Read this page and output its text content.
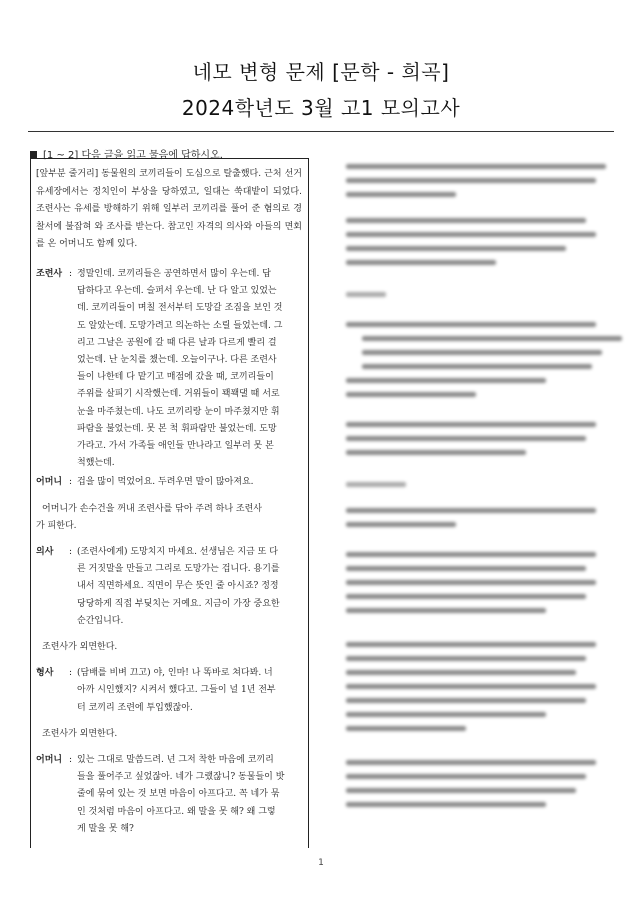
네모 변형 문제 [문학 - 희곡]
2024학년도 3월 고1 모의고사
[1 ~ 2] 다음 글을 읽고 물음에 답하시오.
[앞부분 줄거리] 동물원의 코끼리들이 도심으로 탈출했다. 근처 선거 유세장에서는 정치인이 부상을 당하였고, 일대는 쑥대밭이 되었다. 조련사는 유세를 방해하기 위해 일부러 코끼리를 풀어 준 혐의로 경찰서에 불잡혀 와 조사를 받는다. 참고인 자격의 의사와 아들의 면회를 온 어머니도 함께 있다.
조련사 : 정말인데. 코끼리들은 공연하면서 많이 우는데. 답
답하다고 우는데. 슬퍼서 우는데. 난 다 알고 있었는
데. 코끼리들이 며칠 전서부터 도망갈 조짐을 보인 것
도 알았는데. 도망가려고 의논하는 소릴 들었는데. 그
리고 그날은 공원에 갈 때 다른 날과 다르게 빨리 걸
었는데. 난 눈치를 챘는데. 오늘이구나. 다른 조련사
들이 나한테 다 맡기고 매점에 갔을 때, 코끼리들이
주위를 살피기 시작했는데. 거위들이 꽥꽥댈 때 서로
눈을 마주쳤는데. 나도 코끼리랑 눈이 마주쳤지만 휘
파람을 불었는데. 못 본 척 휘파람만 불었는데. 도망
가라고. 가서 가족들 애인들 만나라고 일부러 못 본
척했는데.
어머니 : 겁을 많이 먹었어요. 두려우면 말이 많아져요.
어머니가 손수건을 꺼내 조련사를 닦아 주려 하나 조련사
가 피한다.
의사	: (조련사에게) 도망치지 마세요. 선생님은 지금 또 다
른 거짓말을 만들고 그리로 도망가는 겁니다. 용기를
내서 직면하세요. 직면이 무슨 뜻인 줄 아시죠? 정정
당당하게 직접 부딪치는 거예요. 지금이 가장 중요한
순간입니다.
조련사가 외면한다.
형사	: (담배를 비벼 끄고) 야, 인마! 나 똑바로 쳐다봐. 너
아까 시인했지? 시켜서 했다고. 그들이 널 1년 전부
터 코끼리 조련에 투입했잖아.
조련사가 외면한다.
어머니 : 있는 그대로 말씀드려. 넌 그저 착한 마음에 코끼리
들을 풀어주고 싶었잖아. 네가 그랬잖니? 동물들이 밧
줄에 묶여 있는 것 보면 마음이 아프다고. 꼭 네가 묶
인 것처럼 마음이 아프다고. 왜 말을 못 해? 왜 그렇
게 말을 못 해?
1
